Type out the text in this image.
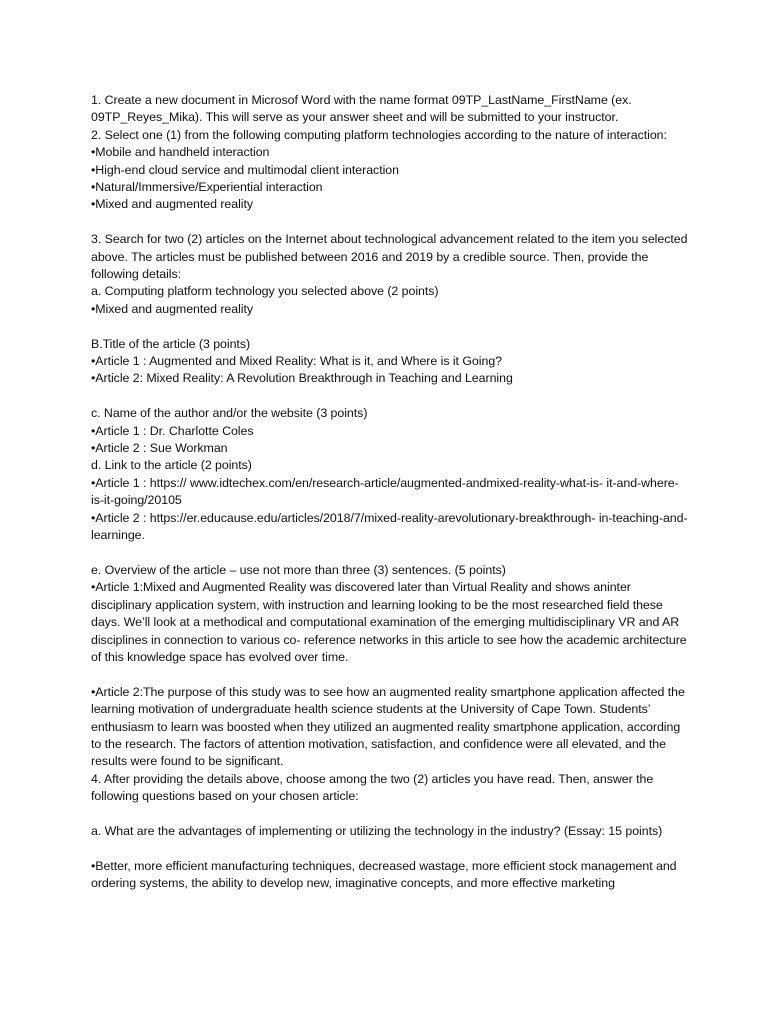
1. Create a new document in Microsof Word with the name format 09TP_LastName_FirstName (ex. 09TP_Reyes_Mika). This will serve as your answer sheet and will be submitted to your instructor.

2. Select one (1) from the following computing platform technologies according to the nature of interaction:

•Mobile and handheld interaction

•High-end cloud service and multimodal client interaction

•Natural/Immersive/Experiential interaction

•Mixed and augmented reality

3. Search for two (2) articles on the Internet about technological advancement related to the item you selected above. The articles must be published between 2016 and 2019 by a credible source. Then, provide the following details:

a. Computing platform technology you selected above (2 points)

•Mixed and augmented reality

B.Title of the article (3 points)

•Article 1 : Augmented and Mixed Reality: What is it, and Where is it Going?

•Article 2: Mixed Reality: A Revolution Breakthrough in Teaching and Learning

c. Name of the author and/or the website (3 points)

•Article 1 : Dr. Charlotte Coles

•Article 2 : Sue Workman

d. Link to the article (2 points)

•Article 1 : https:// www.idtechex.com/en/research-article/augmented-andmixed-reality-what-is- it-and-where-is-it-going/20105

•Article 2 : https://er.educause.edu/articles/2018/7/mixed-reality-arevolutionary-breakthrough- in-teaching-and-learninge.

e. Overview of the article – use not more than three (3) sentences. (5 points)

•Article 1:Mixed and Augmented Reality was discovered later than Virtual Reality and shows aninter disciplinary application system, with instruction and learning looking to be the most researched field these days. We’ll look at a methodical and computational examination of the emerging multidisciplinary VR and AR disciplines in connection to various co- reference networks in this article to see how the academic architecture of this knowledge space has evolved over time.

•Article 2:The purpose of this study was to see how an augmented reality smartphone application affected the learning motivation of undergraduate health science students at the University of Cape Town. Students’ enthusiasm to learn was boosted when they utilized an augmented reality smartphone application, according to the research. The factors of attention motivation, satisfaction, and confidence were all elevated, and the results were found to be significant.

4. After providing the details above, choose among the two (2) articles you have read. Then, answer the following questions based on your chosen article:

a. What are the advantages of implementing or utilizing the technology in the industry? (Essay: 15 points)

•Better, more efficient manufacturing techniques, decreased wastage, more efficient stock management and ordering systems, the ability to develop new, imaginative concepts, and more effective marketing
